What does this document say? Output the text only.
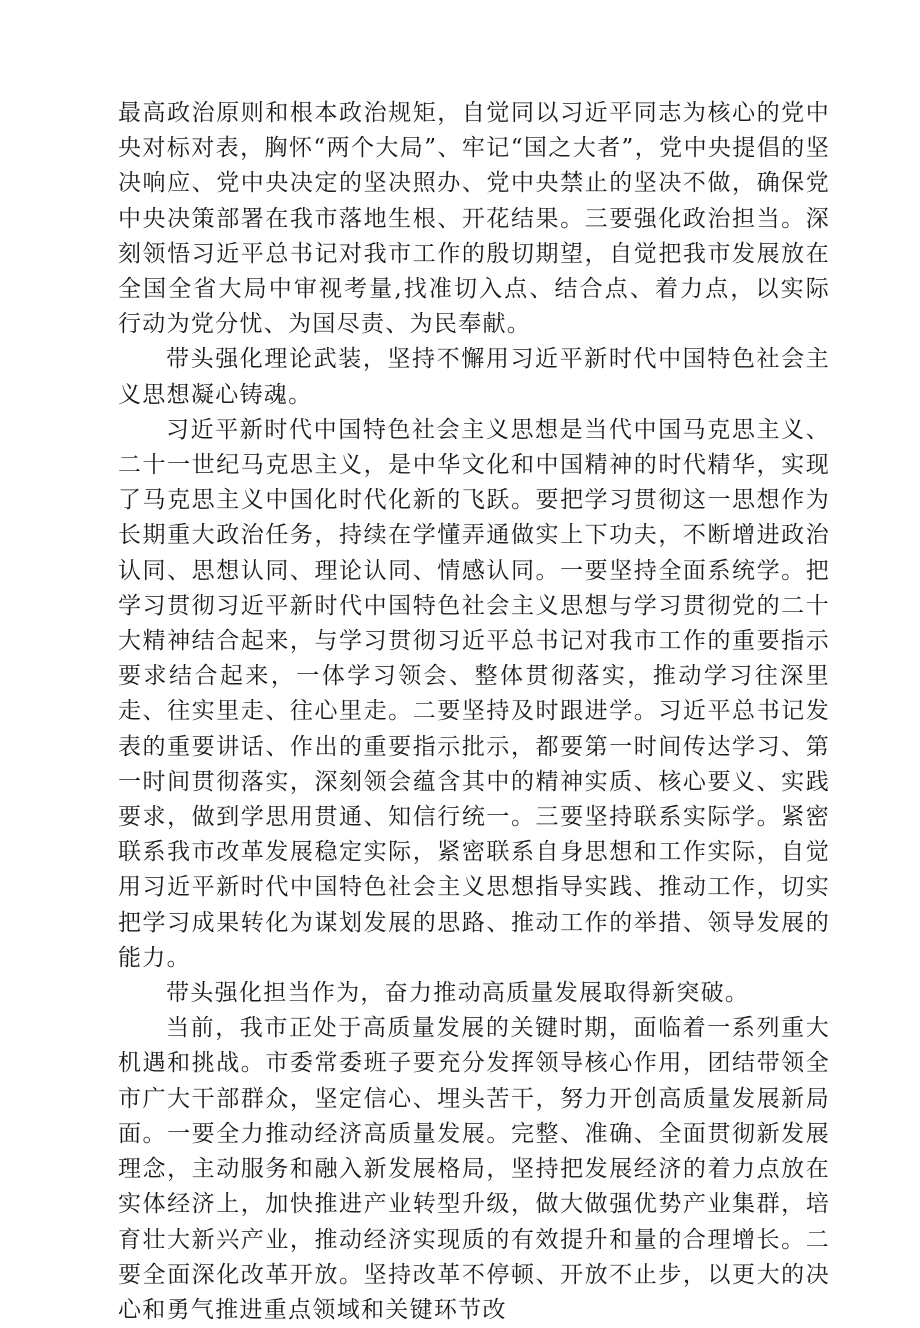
最高政治原则和根本政治规矩，自觉同以习近平同志为核心的党中央对标对表，胸怀“两个大局”、牢记“国之大者”，党中央提倡的坚决响应、党中央决定的坚决照办、党中央禁止的坚决不做，确保党中央决策部署在我市落地生根、开花结果。三要强化政治担当。深刻领悟习近平总书记对我市工作的殷切期望，自觉把我市发展放在全国全省大局中审视考量,找准切入点、结合点、着力点，以实际行动为党分忧、为国尽责、为民奉献。

带头强化理论武装，坚持不懈用习近平新时代中国特色社会主义思想凝心铸魂。

习近平新时代中国特色社会主义思想是当代中国马克思主义、二十一世纪马克思主义，是中华文化和中国精神的时代精华，实现了马克思主义中国化时代化新的飞跃。要把学习贯彻这一思想作为长期重大政治任务，持续在学懂弄通做实上下功夫，不断增进政治认同、思想认同、理论认同、情感认同。一要坚持全面系统学。把学习贯彻习近平新时代中国特色社会主义思想与学习贯彻党的二十大精神结合起来，与学习贯彻习近平总书记对我市工作的重要指示要求结合起来，一体学习领会、整体贯彻落实，推动学习往深里走、往实里走、往心里走。二要坚持及时跟进学。习近平总书记发表的重要讲话、作出的重要指示批示，都要第一时间传达学习、第一时间贯彻落实，深刻领会蕴含其中的精神实质、核心要义、实践要求，做到学思用贯通、知信行统一。三要坚持联系实际学。紧密联系我市改革发展稳定实际，紧密联系自身思想和工作实际，自觉用习近平新时代中国特色社会主义思想指导实践、推动工作，切实把学习成果转化为谋划发展的思路、推动工作的举措、领导发展的能力。

带头强化担当作为，奋力推动高质量发展取得新突破。

当前，我市正处于高质量发展的关键时期，面临着一系列重大机遇和挑战。市委常委班子要充分发挥领导核心作用，团结带领全市广大干部群众，坚定信心、埋头苦干，努力开创高质量发展新局面。一要全力推动经济高质量发展。完整、准确、全面贯彻新发展理念，主动服务和融入新发展格局，坚持把发展经济的着力点放在实体经济上，加快推进产业转型升级，做大做强优势产业集群，培育壮大新兴产业，推动经济实现质的有效提升和量的合理增长。二要全面深化改革开放。坚持改革不停顿、开放不止步，以更大的决心和勇气推进重点领域和关键环节改
